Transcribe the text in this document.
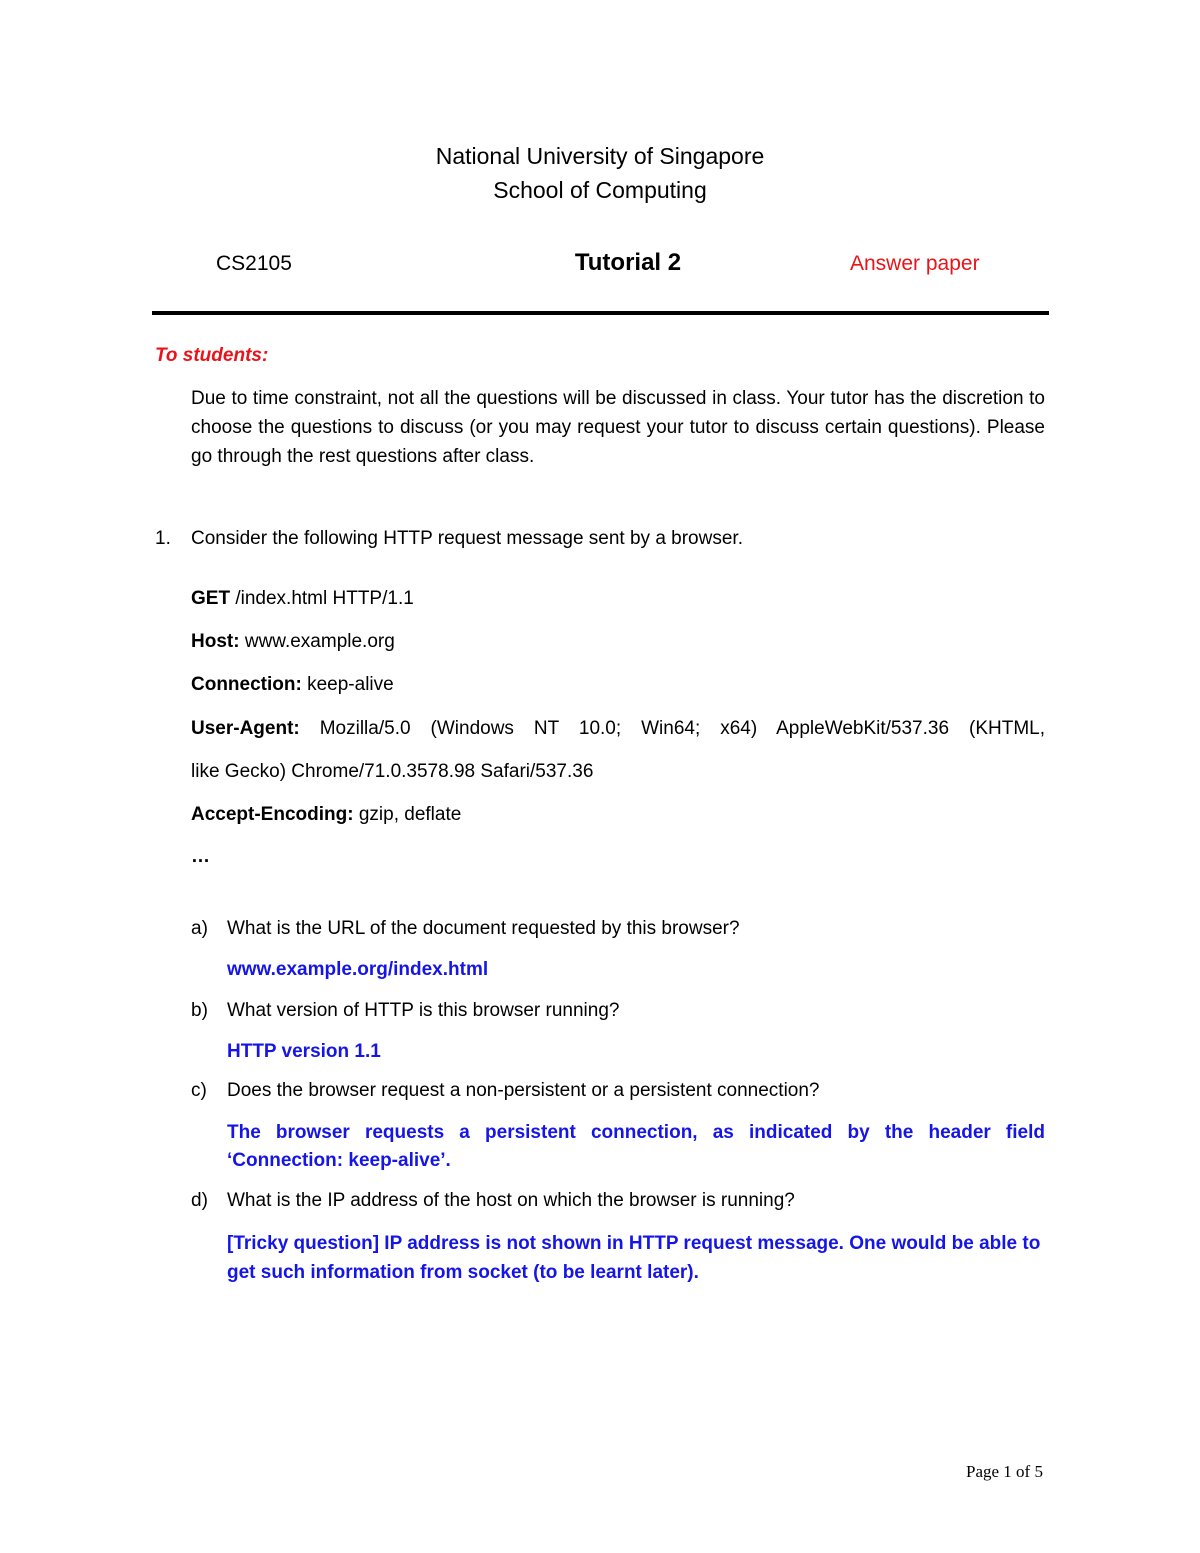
National University of Singapore
School of Computing
CS2105	Tutorial 2	Answer paper
To students:
Due to time constraint, not all the questions will be discussed in class. Your tutor has the discretion to choose the questions to discuss (or you may request your tutor to discuss certain questions). Please go through the rest questions after class.
1. Consider the following HTTP request message sent by a browser.
GET /index.html HTTP/1.1
Host: www.example.org
Connection: keep-alive
User-Agent: Mozilla/5.0 (Windows NT 10.0; Win64; x64) AppleWebKit/537.36 (KHTML,
like Gecko) Chrome/71.0.3578.98 Safari/537.36
Accept-Encoding: gzip, deflate
…
a) What is the URL of the document requested by this browser?
www.example.org/index.html
b) What version of HTTP is this browser running?
HTTP version 1.1
c) Does the browser request a non-persistent or a persistent connection?
The browser requests a persistent connection, as indicated by the header field ‘Connection: keep-alive’.
d) What is the IP address of the host on which the browser is running?
[Tricky question] IP address is not shown in HTTP request message. One would be able to get such information from socket (to be learnt later).
Page 1 of 5
